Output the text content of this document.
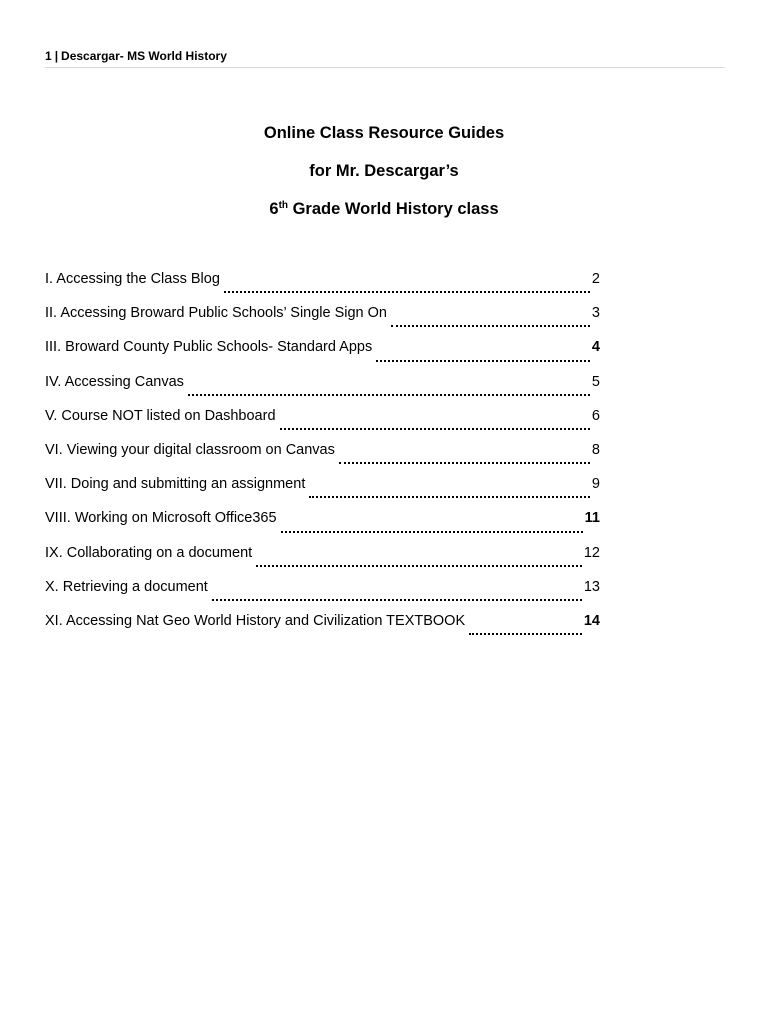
1 | Descargar- MS World History
Online Class Resource Guides
for Mr. Descargar’s
6th Grade World History class
I. Accessing the Class Blog	2
II. Accessing Broward Public Schools’ Single Sign On	3
III. Broward County Public Schools- Standard Apps	4
IV. Accessing Canvas	5
V. Course NOT listed on Dashboard	6
VI. Viewing your digital classroom on Canvas	8
VII. Doing and submitting an assignment	9
VIII. Working on Microsoft Office365	11
IX. Collaborating on a document	12
X. Retrieving a document	13
XI. Accessing Nat Geo World History and Civilization TEXTBOOK	14
